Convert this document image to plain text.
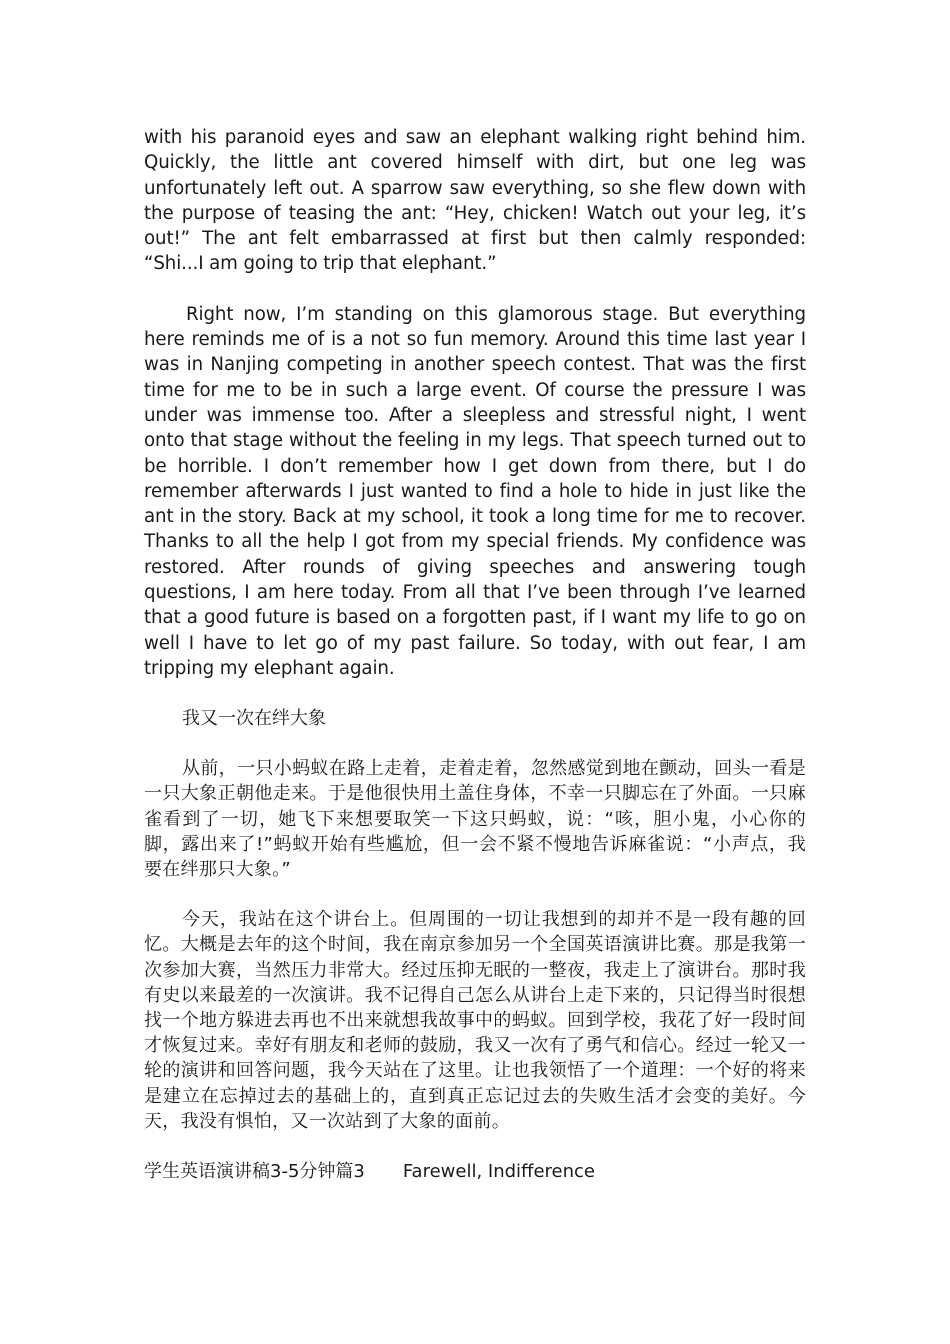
with his paranoid eyes and saw an elephant walking right behind him. Quickly, the little ant covered himself with dirt, but one leg was unfortunately left out. A sparrow saw everything, so she flew down with the purpose of teasing the ant: “Hey, chicken! Watch out your leg, it’s out!” The ant felt embarrassed at first but then calmly responded: “Shi...I am going to trip that elephant.”

Right now, I’m standing on this glamorous stage. But everything here reminds me of is a not so fun memory. Around this time last year I was in Nanjing competing in another speech contest. That was the first time for me to be in such a large event. Of course the pressure I was under was immense too. After a sleepless and stressful night, I went onto that stage without the feeling in my legs. That speech turned out to be horrible. I don’t remember how I get down from there, but I do remember afterwards I just wanted to find a hole to hide in just like the ant in the story. Back at my school, it took a long time for me to recover. Thanks to all the help I got from my special friends. My confidence was restored. After rounds of giving speeches and answering tough questions, I am here today. From all that I’ve been through I’ve learned that a good future is based on a forgotten past, if I want my life to go on well I have to let go of my past failure. So today, with out fear, I am tripping my elephant again.

我又一次在绊大象

从前，一只小蚂蚁在路上走着，走着走着，忽然感觉到地在颤动，回头一看是一只大象正朝他走来。于是他很快用土盖住身体，不幸一只脚忘在了外面。一只麻雀看到了一切，她飞下来想要取笑一下这只蚂蚁，说：“咳，胆小鬼，小心你的脚，露出来了!”蚂蚁开始有些尴尬，但一会不紧不慢地告诉麻雀说：“小声点，我要在绊那只大象。”

今天，我站在这个讲台上。但周围的一切让我想到的却并不是一段有趣的回忆。大概是去年的这个时间，我在南京参加另一个全国英语演讲比赛。那是我第一次参加大赛，当然压力非常大。经过压抑无眠的一整夜，我走上了演讲台。那时我有史以来最差的一次演讲。我不记得自己怎么从讲台上走下来的，只记得当时很想找一个地方躲进去再也不出来就想我故事中的蚂蚁。回到学校，我花了好一段时间才恢复过来。幸好有朋友和老师的鼓励，我又一次有了勇气和信心。经过一轮又一轮的演讲和回答问题，我今天站在了这里。让也我领悟了一个道理：一个好的将来是建立在忘掉过去的基础上的，直到真正忘记过去的失败生活才会变的美好。今天，我没有惧怕，又一次站到了大象的面前。

学生英语演讲稿3-5分钟篇3 Farewell, Indifference
